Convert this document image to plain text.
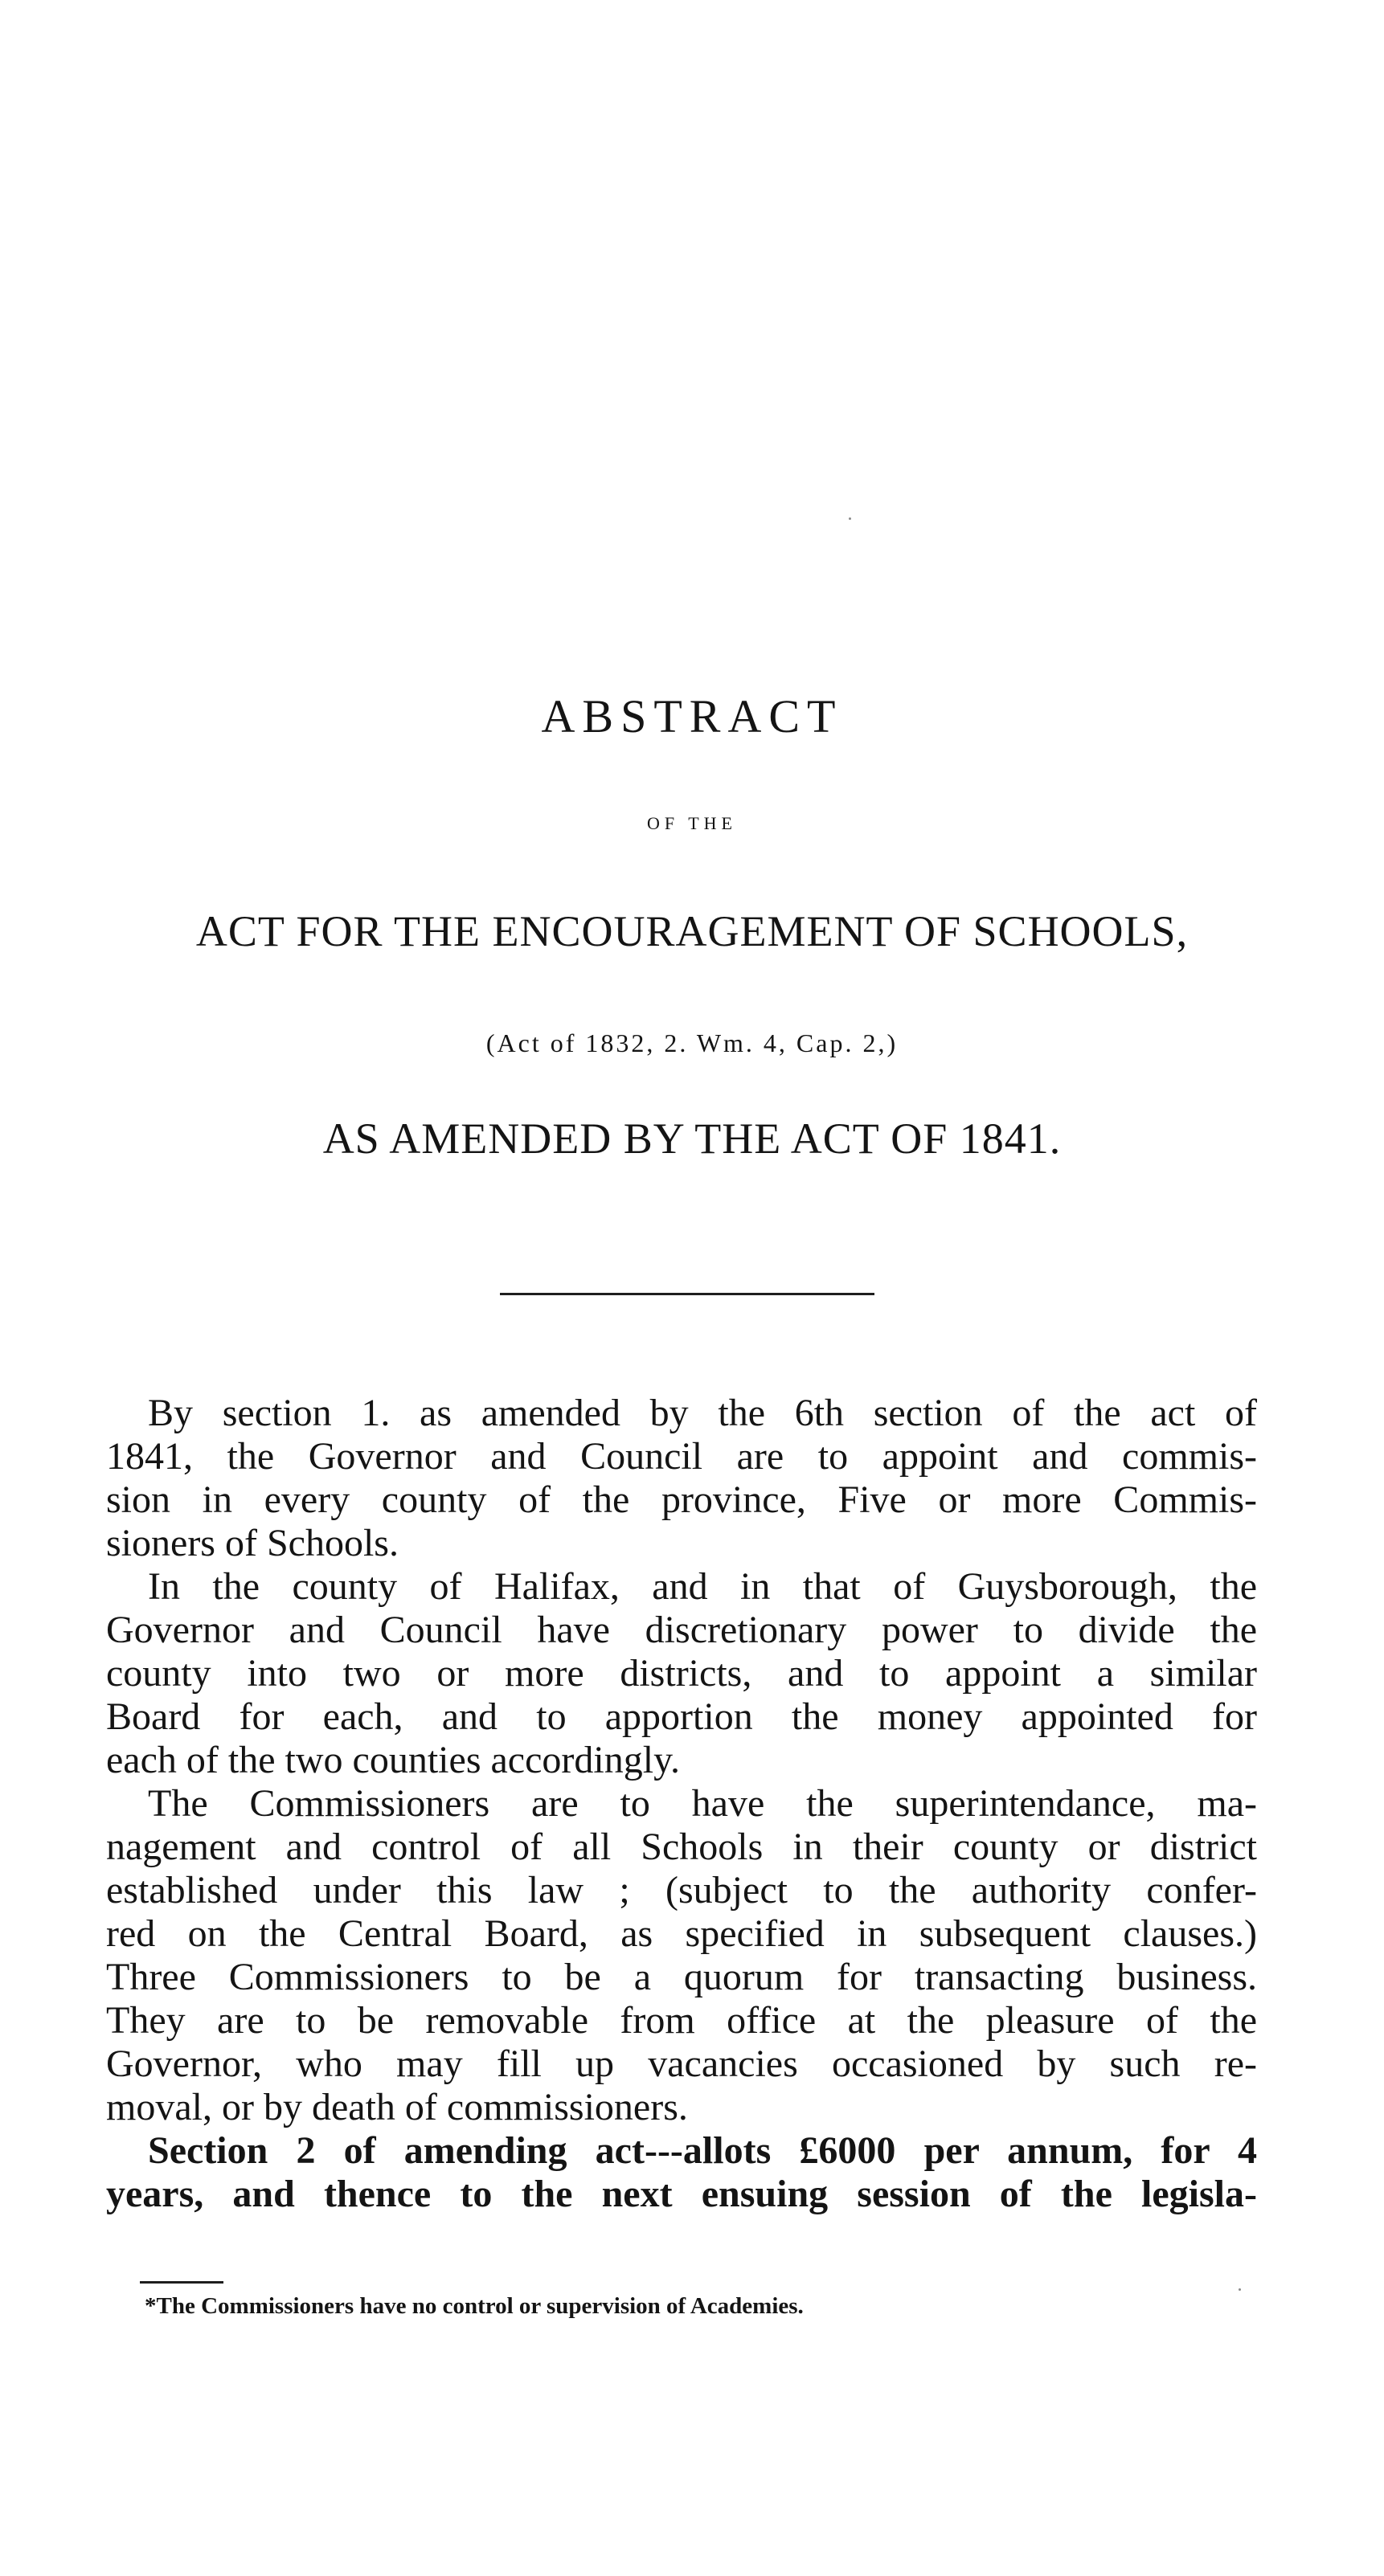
ABSTRACT
OF THE
ACT FOR THE ENCOURAGEMENT OF SCHOOLS,
(Act of 1832, 2. Wm. 4, Cap. 2,)
AS AMENDED BY THE ACT OF 1841.
By section 1. as amended by the 6th section of the act of
1841, the Governor and Council are to appoint and commis-
sion in every county of the province, Five or more Commis-
sioners of Schools.
In the county of Halifax, and in that of Guysborough, the
Governor and Council have discretionary power to divide the
county into two or more districts, and to appoint a similar
Board for each, and to apportion the money appointed for
each of the two counties accordingly.
The Commissioners are to have the superintendance, ma-
nagement and control of all Schools in their county or district
established under this law ; (subject to the authority confer-
red on the Central Board, as specified in subsequent clauses.)
Three Commissioners to be a quorum for transacting business.
They are to be removable from office at the pleasure of the
Governor, who may fill up vacancies occasioned by such re-
moval, or by death of commissioners.
Section 2 of amending act---allots £6000 per annum, for 4
years, and thence to the next ensuing session of the legisla-
*The Commissioners have no control or supervision of Academies.
